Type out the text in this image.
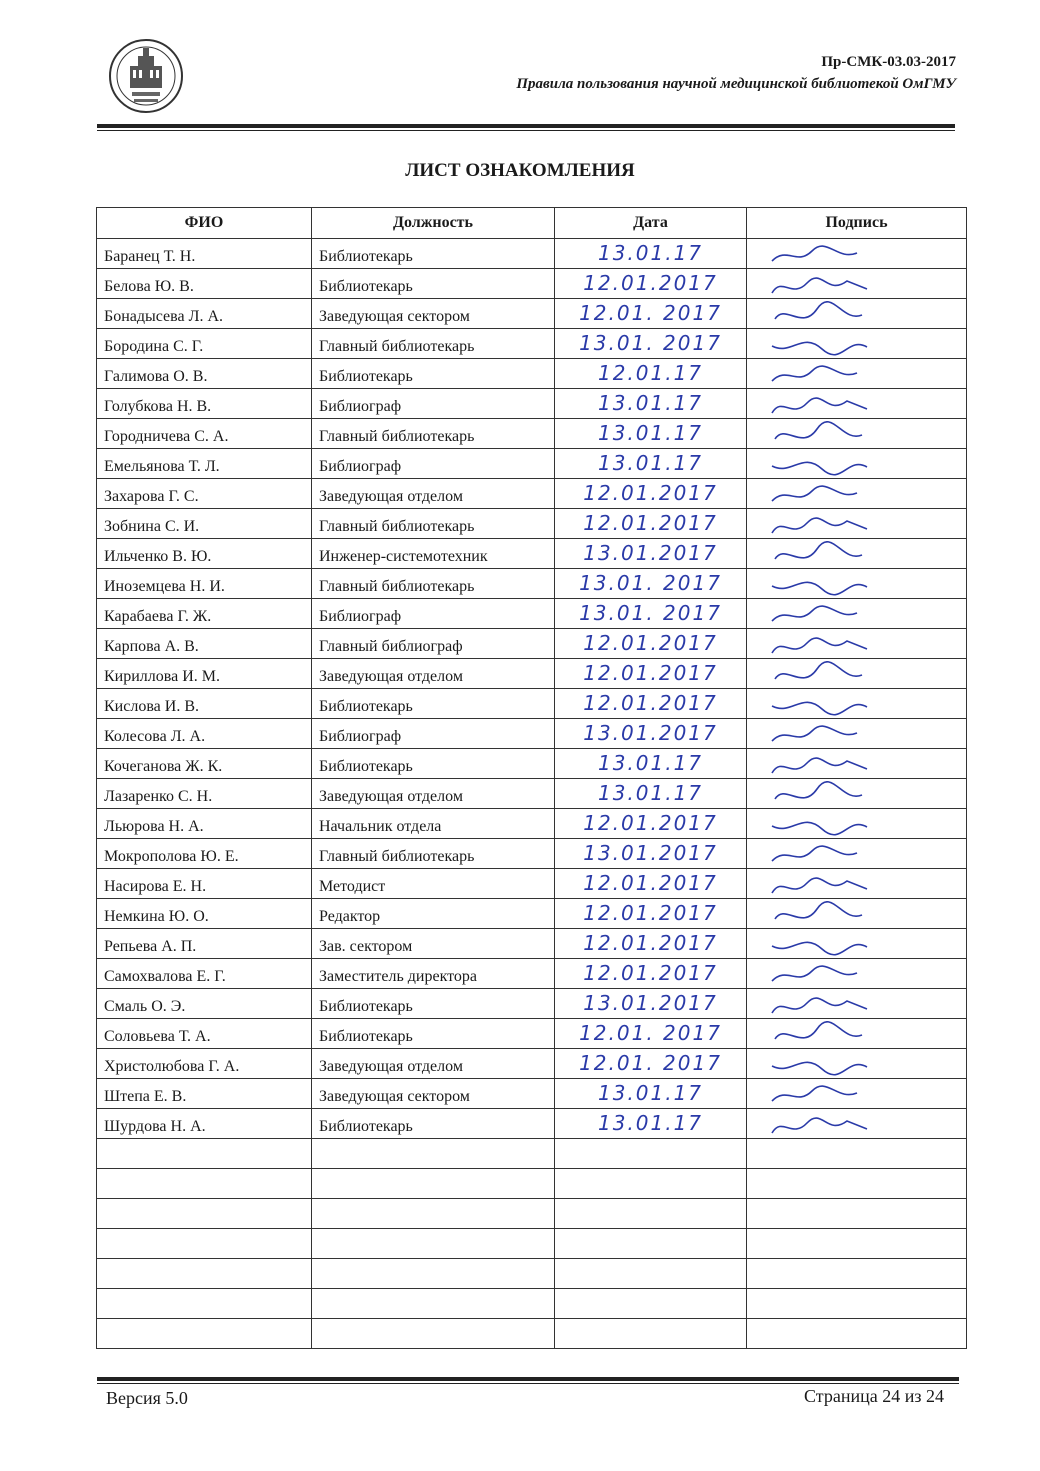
Пр-СМК-03.03-2017
Правила пользования научной медицинской библиотекой ОмГМУ
ЛИСТ ОЗНАКОМЛЕНИЯ
ФИО	Должность	Дата	Подпись
Баранец Т. Н.	Библиотекарь	13.01.17

Белова Ю. В.	Библиотекарь	12.01.2017

Бонадысева Л. А.	Заведующая сектором	12.01. 2017

Бородина С. Г.	Главный библиотекарь	13.01. 2017

Галимова О. В.	Библиотекарь	12.01.17

Голубкова Н. В.	Библиограф	13.01.17

Городничева С. А.	Главный библиотекарь	13.01.17

Емельянова Т. Л.	Библиограф	13.01.17

Захарова Г. С.	Заведующая отделом	12.01.2017

Зобнина С. И.	Главный библиотекарь	12.01.2017

Ильченко В. Ю.	Инженер-системотехник	13.01.2017

Иноземцева Н. И.	Главный библиотекарь	13.01. 2017

Карабаева Г. Ж.	Библиограф	13.01. 2017

Карпова А. В.	Главный библиограф	12.01.2017

Кириллова И. М.	Заведующая отделом	12.01.2017

Кислова И. В.	Библиотекарь	12.01.2017

Колесова Л. А.	Библиограф	13.01.2017

Кочеганова Ж. К.	Библиотекарь	13.01.17

Лазаренко С. Н.	Заведующая отделом	13.01.17

Льюрова Н. А.	Начальник отдела	12.01.2017

Мокрополова Ю. Е.	Главный библиотекарь	13.01.2017

Насирова Е. Н.	Методист	12.01.2017

Немкина Ю. О.	Редактор	12.01.2017

Репьева А. П.	Зав. сектором	12.01.2017

Самохвалова Е. Г.	Заместитель директора	12.01.2017

Смаль О. Э.	Библиотекарь	13.01.2017

Соловьева Т. А.	Библиотекарь	12.01. 2017

Христолюбова Г. А.	Заведующая отделом	12.01. 2017

Штепа Е. В.	Заведующая сектором	13.01.17

Шурдова Н. А.	Библиотекарь	13.01.17

Версия 5.0	Страница 24 из 24
